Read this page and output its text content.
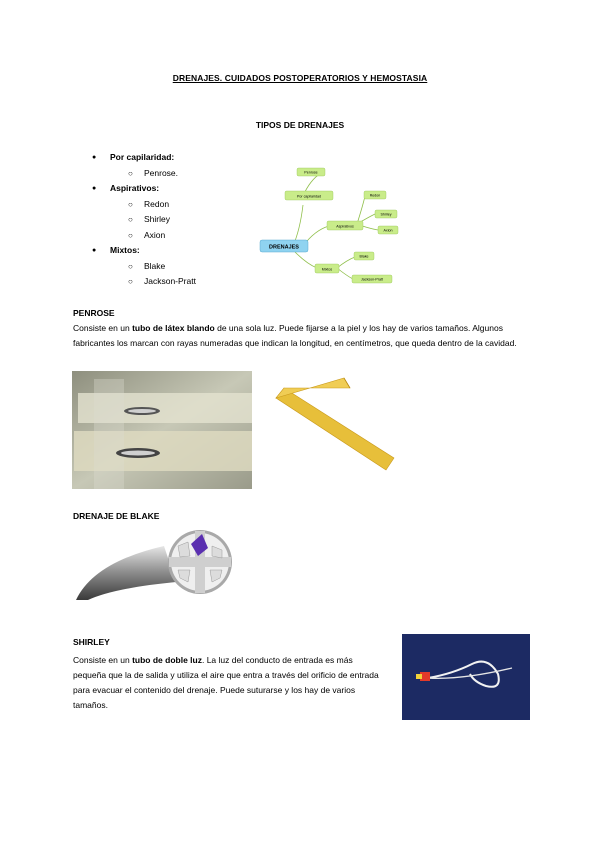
DRENAJES. CUIDADOS POSTOPERATORIOS Y HEMOSTASIA
TIPOS DE DRENAJES
● Por capilaridad:
○ Penrose.
● Aspirativos:
○ Redon
○ Shirley
○ Axion
● Mixtos:
○ Blake
○ Jackson-Pratt
DRENAJES
Por capilaridad
Penrose
Aspirativos
Redon
Shirley
Axion
Mixtos
Blake
Jackson-Pratt
PENROSE
Consiste en un tubo de látex blando de una sola luz. Puede fijarse a la piel y los hay de varios tamaños. Algunos fabricantes los marcan con rayas numeradas que indican la longitud, en centímetros, que queda dentro de la cavidad.
DRENAJE DE BLAKE
SHIRLEY
Consiste en un tubo de doble luz. La luz del conducto de entrada es más pequeña que la de salida y utiliza el aire que entra a través del orificio de entrada para evacuar el contenido del drenaje. Puede suturarse y los hay de varios tamaños.
